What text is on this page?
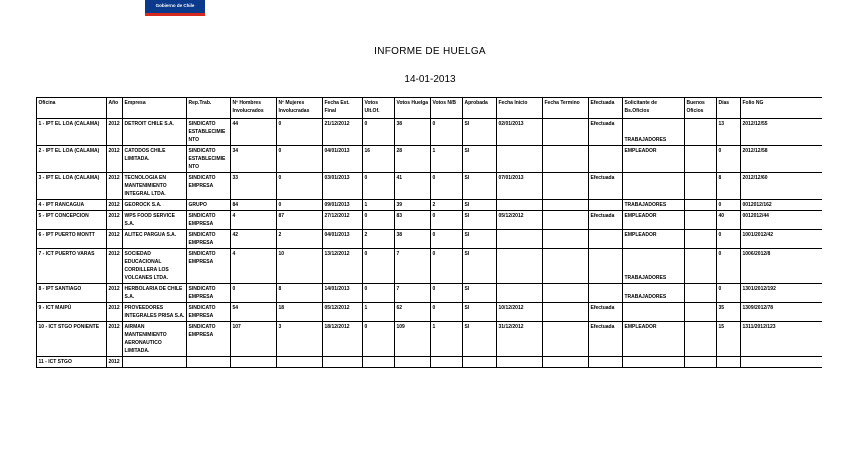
Gobierno de Chile
INFORME DE HUELGA
14-01-2013
Oficina	Año	Empresa	Rep.Trab.	Nº Hombres Involucrados	Nº Mujeres Involucradas	Fecha Est. Final	Votos Ult.Of.	Votos Huelga	Votos N/B	Aprobada	Fecha Inicio	Fecha Termino	Efectuada	Solicitante de Bs.Oficios	Buenos Oficios	Días	Folio NG
1 - IPT EL LOA (CALAMA)	2012	DETROIT CHILE S.A.	SINDICATO ESTABLECIMIENTO	44	0	21/12/2012	0	38	0	SI	02/01/2013		Efectuada	TRABAJADORES		13	2012/12/55
2 - IPT EL LOA (CALAMA)	2012	CATODOS CHILE LIMITADA.	SINDICATO ESTABLECIMIENTO	34	0	04/01/2013	16	28	1	SI				EMPLEADOR		0	2012/12/58
3 - IPT EL LOA (CALAMA)	2012	TECNOLOGIA EN MANTENIMIENTO INTEGRAL LTDA.	SINDICATO EMPRESA	33	0	03/01/2013	0	41	0	SI	07/01/2013		Efectuada			8	2012/12/60
4 - IPT RANCAGUA	2012	GEOROCK S.A.	GRUPO	84	0	09/01/2013	1	39	2	SI				TRABAJADORES		0	0012012/162
5 - IPT CONCEPCION	2012	WPS FOOD SERVICE S.A.	SINDICATO EMPRESA	4	87	27/12/2012	0	83	0	SI	05/12/2012		Efectuada	EMPLEADOR		40	0012012/44
6 - IPT PUERTO MONTT	2012	ALITEC PARGUA S.A.	SINDICATO EMPRESA	42	2	04/01/2013	2	38	0	SI				EMPLEADOR		0	1001/2012/42
7 - ICT PUERTO VARAS	2012	SOCIEDAD EDUCACIONAL CORDILLERA LOS VOLCANES LTDA.	SINDICATO EMPRESA	4	10	13/12/2012	0	7	0	SI				TRABAJADORES		0	1006/2012/8
8 - IPT SANTIAGO	2012	HERBOLARIA DE CHILE S.A.	SINDICATO EMPRESA	0	8	14/01/2013	0	7	0	SI				TRABAJADORES		0	1301/2012/192
9 - ICT MAIPÚ	2012	PROVEEDORES INTEGRALES PRISA S.A.	SINDICATO EMPRESA	54	18	05/12/2012	1	62	0	SI	10/12/2012		Efectuada			35	1309/2012/78
10 - ICT STGO PONIENTE	2012	AIRMAN MANTENIMIENTO AERONAUTICO LIMITADA.	SINDICATO EMPRESA	107	3	18/12/2012	0	109	1	SI	31/12/2012		Efectuada	EMPLEADOR		15	1311/2012/123
11 - ICT STGO	2012																
